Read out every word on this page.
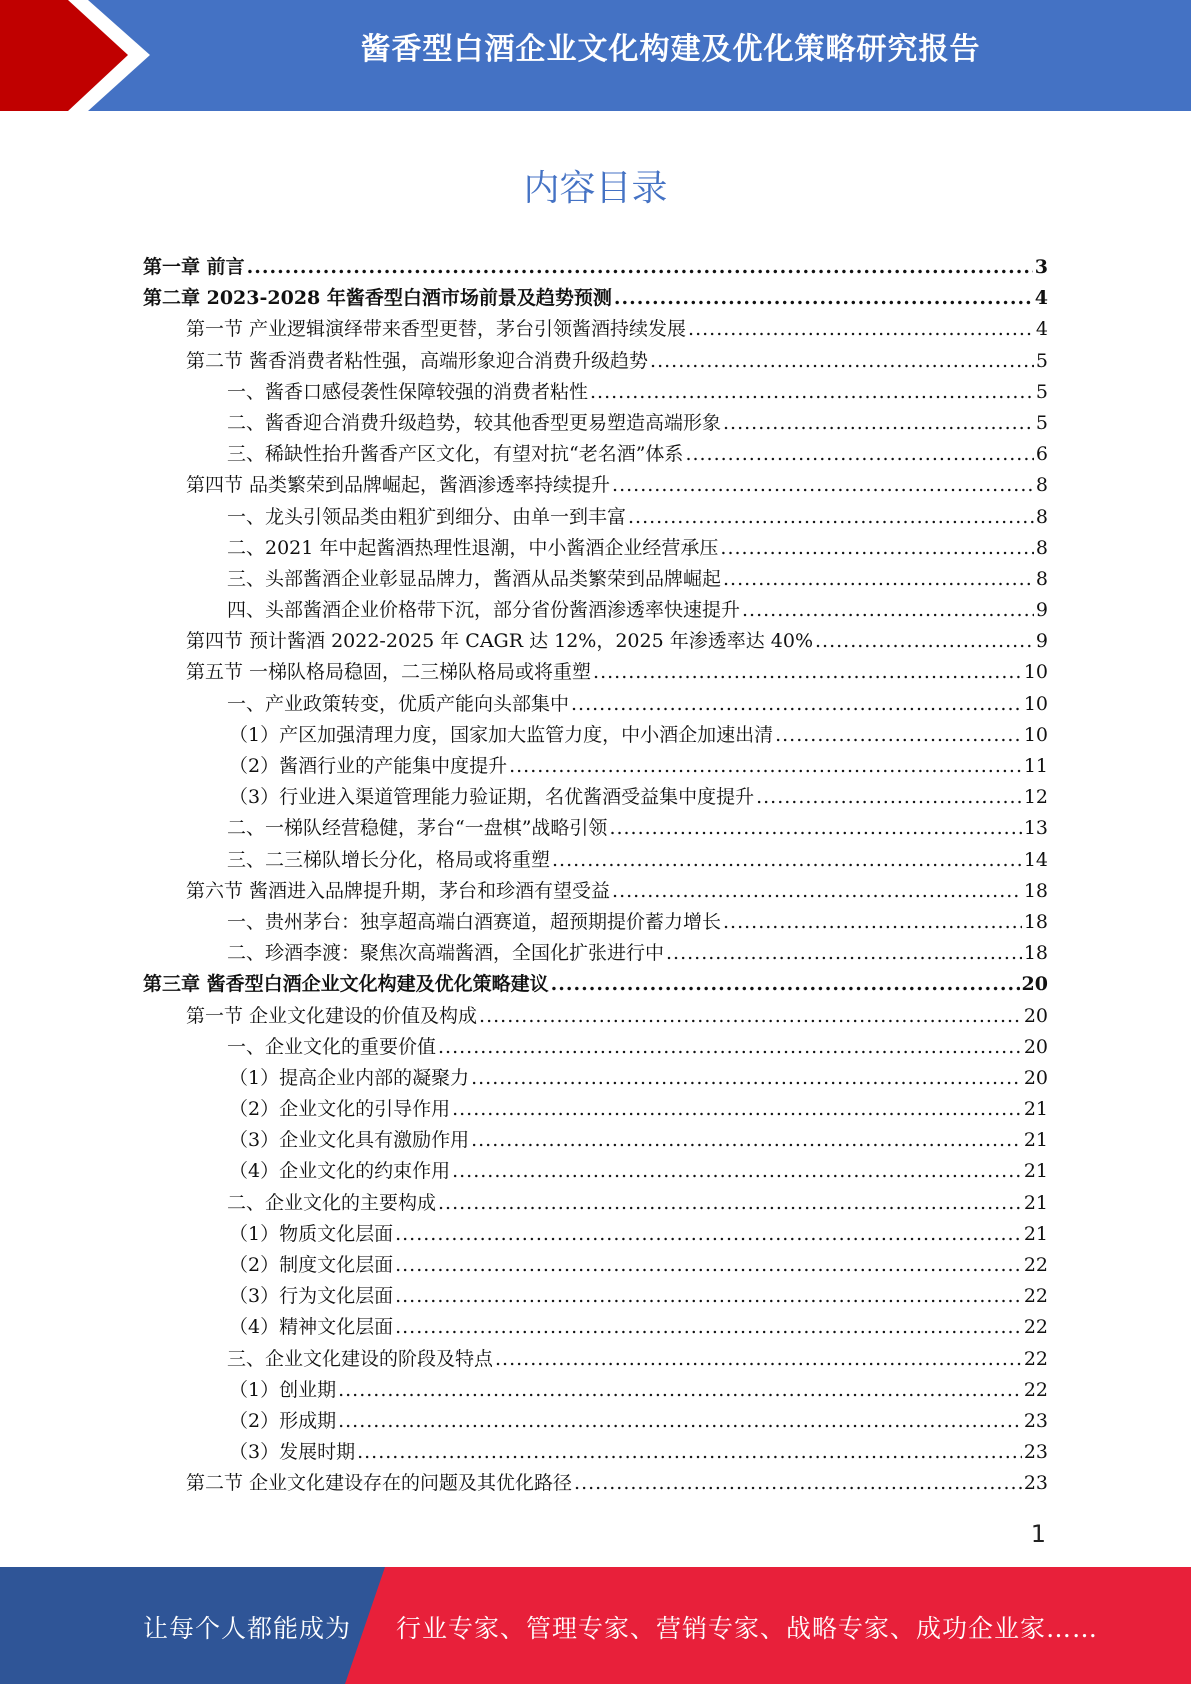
酱香型白酒企业文化构建及优化策略研究报告
内容目录
第一章 前言 .....	3
第二章 2023-2028 年酱香型白酒市场前景及趋势预测 .....	4
第一节 产业逻辑演绎带来香型更替，茅台引领酱酒持续发展 .....	4
第二节 酱香消费者粘性强，高端形象迎合消费升级趋势 .....	5
一、酱香口感侵袭性保障较强的消费者粘性 .....	5
二、酱香迎合消费升级趋势，较其他香型更易塑造高端形象 .....	5
三、稀缺性抬升酱香产区文化，有望对抗“老名酒”体系 .....	6
第四节 品类繁荣到品牌崛起，酱酒渗透率持续提升 .....	8
一、龙头引领品类由粗犷到细分、由单一到丰富 .....	8
二、2021 年中起酱酒热理性退潮，中小酱酒企业经营承压 .....	8
三、头部酱酒企业彰显品牌力，酱酒从品类繁荣到品牌崛起 .....	8
四、头部酱酒企业价格带下沉，部分省份酱酒渗透率快速提升 .....	9
第四节 预计酱酒 2022-2025 年 CAGR 达 12%，2025 年渗透率达 40% .....	9
第五节 一梯队格局稳固，二三梯队格局或将重塑 .....	10
一、产业政策转变，优质产能向头部集中 .....	10
（1）产区加强清理力度，国家加大监管力度，中小酒企加速出清 .....	10
（2）酱酒行业的产能集中度提升 .....	11
（3）行业进入渠道管理能力验证期，名优酱酒受益集中度提升 .....	12
二、一梯队经营稳健，茅台“一盘棋”战略引领 .....	13
三、二三梯队增长分化，格局或将重塑 .....	14
第六节 酱酒进入品牌提升期，茅台和珍酒有望受益 .....	18
一、贵州茅台：独享超高端白酒赛道，超预期提价蓄力增长 .....	18
二、珍酒李渡：聚焦次高端酱酒，全国化扩张进行中 .....	18
第三章 酱香型白酒企业文化构建及优化策略建议 .....	20
第一节 企业文化建设的价值及构成 .....	20
一、企业文化的重要价值 .....	20
（1）提高企业内部的凝聚力 .....	20
（2）企业文化的引导作用 .....	21
（3）企业文化具有激励作用 .....	21
（4）企业文化的约束作用 .....	21
二、企业文化的主要构成 .....	21
（1）物质文化层面 .....	21
（2）制度文化层面 .....	22
（3）行为文化层面 .....	22
（4）精神文化层面 .....	22
三、企业文化建设的阶段及特点 .....	22
（1）创业期 .....	22
（2）形成期 .....	23
（3）发展时期 .....	23
第二节 企业文化建设存在的问题及其优化路径 .....	23
1
让每个人都能成为 行业专家、管理专家、营销专家、战略专家、成功企业家……
